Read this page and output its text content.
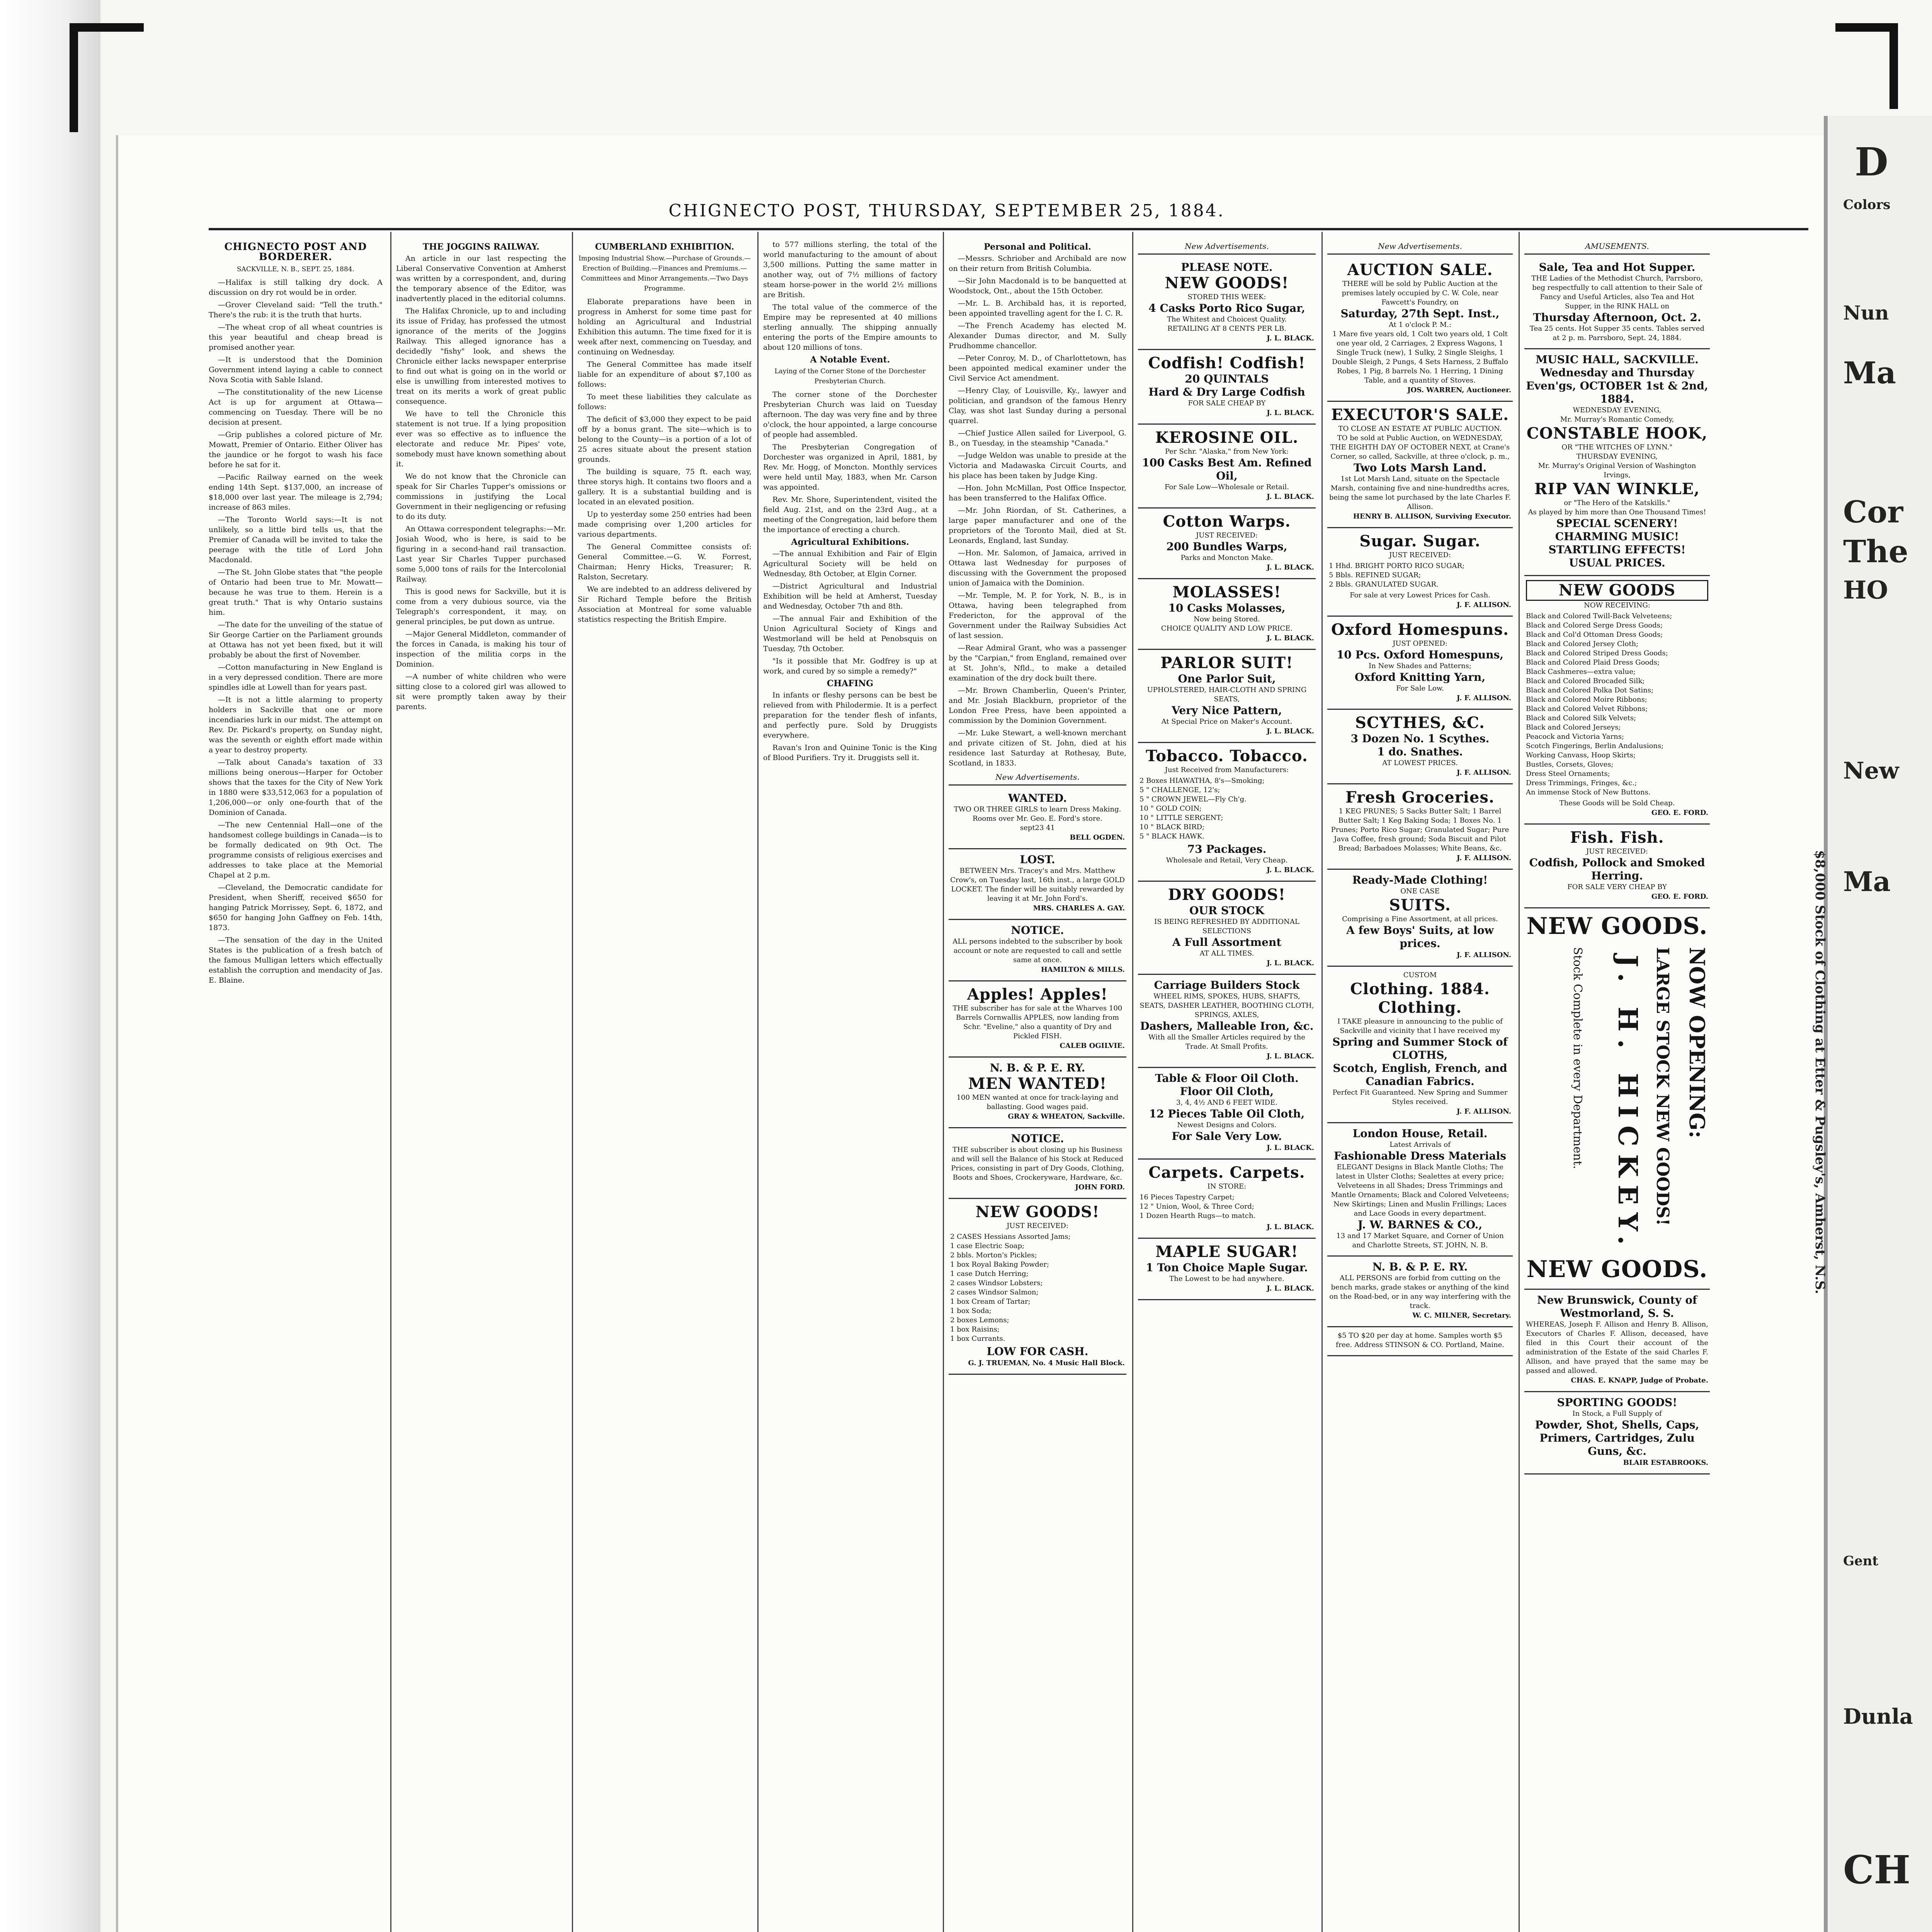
D
Colors
Nun
Ma
Cor
The
HO
New
Ma
Gent
Dunla
CH
$8,000 Stock of Clothing at Etter & Pugsley's, Amherst, N.S.
CHIGNECTO POST, THURSDAY, SEPTEMBER 25, 1884.
CHIGNECTO POST AND BORDERER.
SACKVILLE, N. B., SEPT. 25, 1884.

—Halifax is still talking dry dock. A discussion on dry rot would be in order.

—Grover Cleveland said: "Tell the truth." There's the rub: it is the truth that hurts.

—The wheat crop of all wheat countries is this year beautiful and cheap bread is promised another year.

—It is understood that the Dominion Government intend laying a cable to connect Nova Scotia with Sable Island.

—The constitutionality of the new License Act is up for argument at Ottawa—commencing on Tuesday. There will be no decision at present.

—Grip publishes a colored picture of Mr. Mowatt, Premier of Ontario. Either Oliver has the jaundice or he forgot to wash his face before he sat for it.

—Pacific Railway earned on the week ending 14th Sept. $137,000, an increase of $18,000 over last year. The mileage is 2,794; increase of 863 miles.

—The Toronto World says:—It is not unlikely, so a little bird tells us, that the Premier of Canada will be invited to take the peerage with the title of Lord John Macdonald.

—The St. John Globe states that "the people of Ontario had been true to Mr. Mowatt—because he was true to them. Herein is a great truth." That is why Ontario sustains him.

—The date for the unveiling of the statue of Sir George Cartier on the Parliament grounds at Ottawa has not yet been fixed, but it will probably be about the first of November.

—Cotton manufacturing in New England is in a very depressed condition. There are more spindles idle at Lowell than for years past.

—It is not a little alarming to property holders in Sackville that one or more incendiaries lurk in our midst. The attempt on Rev. Dr. Pickard's property, on Sunday night, was the seventh or eighth effort made within a year to destroy property.

—Talk about Canada's taxation of 33 millions being onerous—Harper for October shows that the taxes for the City of New York in 1880 were $33,512,063 for a population of 1,206,000—or only one-fourth that of the Dominion of Canada.

—The new Centennial Hall—one of the handsomest college buildings in Canada—is to be formally dedicated on 9th Oct. The programme consists of religious exercises and addresses to take place at the Memorial Chapel at 2 p.m.

—Cleveland, the Democratic candidate for President, when Sheriff, received $650 for hanging Patrick Morrissey, Sept. 6, 1872, and $650 for hanging John Gaffney on Feb. 14th, 1873.

—The sensation of the day in the United States is the publication of a fresh batch of the famous Mulligan letters which effectually establish the corruption and mendacity of Jas. E. Blaine.

THE JOGGINS RAILWAY.

An article in our last respecting the Liberal Conservative Convention at Amherst was written by a correspondent, and, during the temporary absence of the Editor, was inadvertently placed in the editorial columns.

The Halifax Chronicle, up to and including its issue of Friday, has professed the utmost ignorance of the merits of the Joggins Railway. This alleged ignorance has a decidedly "fishy" look, and shews the Chronicle either lacks newspaper enterprise to find out what is going on in the world or else is unwilling from interested motives to treat on its merits a work of great public consequence.

We have to tell the Chronicle this statement is not true. If a lying proposition ever was so effective as to influence the electorate and reduce Mr. Pipes' vote, somebody must have known something about it.

We do not know that the Chronicle can speak for Sir Charles Tupper's omissions or commissions in justifying the Local Government in their negligencing or refusing to do its duty.

An Ottawa correspondent telegraphs:—Mr. Josiah Wood, who is here, is said to be figuring in a second-hand rail transaction. Last year Sir Charles Tupper purchased some 5,000 tons of rails for the Intercolonial Railway.

This is good news for Sackville, but it is come from a very dubious source, via the Telegraph's correspondent, it may, on general principles, be put down as untrue.

—Major General Middleton, commander of the forces in Canada, is making his tour of inspection of the militia corps in the Dominion.

—A number of white children who were sitting close to a colored girl was allowed to sit were promptly taken away by their parents.

CUMBERLAND EXHIBITION.
Imposing Industrial Show.—Purchase of Grounds.—Erection of Building.—Finances and Premiums.—Committees and Minor Arrangements.—Two Days Programme.

Elaborate preparations have been in progress in Amherst for some time past for holding an Agricultural and Industrial Exhibition this autumn. The time fixed for it is week after next, commencing on Tuesday, and continuing on Wednesday.

The General Committee has made itself liable for an expenditure of about $7,100 as follows:

To meet these liabilities they calculate as follows:

The deficit of $3,000 they expect to be paid off by a bonus grant. The site—which is to belong to the County—is a portion of a lot of 25 acres situate about the present station grounds.

The building is square, 75 ft. each way, three storys high. It contains two floors and a gallery. It is a substantial building and is located in an elevated position.

Up to yesterday some 250 entries had been made comprising over 1,200 articles for various departments.

The General Committee consists of: General Committee.—G. W. Forrest, Chairman; Henry Hicks, Treasurer; R. Ralston, Secretary.

We are indebted to an address delivered by Sir Richard Temple before the British Association at Montreal for some valuable statistics respecting the British Empire.

to 577 millions sterling, the total of the world manufacturing to the amount of about 3,500 millions. Putting the same matter in another way, out of 7½ millions of factory steam horse-power in the world 2½ millions are British.

The total value of the commerce of the Empire may be represented at 40 millions sterling annually. The shipping annually entering the ports of the Empire amounts to about 120 millions of tons.

A Notable Event.
Laying of the Corner Stone of the Dorchester Presbyterian Church.

The corner stone of the Dorchester Presbyterian Church was laid on Tuesday afternoon. The day was very fine and by three o'clock, the hour appointed, a large concourse of people had assembled.

The Presbyterian Congregation of Dorchester was organized in April, 1881, by Rev. Mr. Hogg, of Moncton. Monthly services were held until May, 1883, when Mr. Carson was appointed.

Rev. Mr. Shore, Superintendent, visited the field Aug. 21st, and on the 23rd Aug., at a meeting of the Congregation, laid before them the importance of erecting a church.

Agricultural Exhibitions.

—The annual Exhibition and Fair of Elgin Agricultural Society will be held on Wednesday, 8th October, at Elgin Corner.

—District Agricultural and Industrial Exhibition will be held at Amherst, Tuesday and Wednesday, October 7th and 8th.

—The annual Fair and Exhibition of the Union Agricultural Society of Kings and Westmorland will be held at Penobsquis on Tuesday, 7th October.

"Is it possible that Mr. Godfrey is up at work, and cured by so simple a remedy?"

CHAFING

In infants or fleshy persons can be best be relieved from with Philodermie. It is a perfect preparation for the tender flesh of infants, and perfectly pure. Sold by Druggists everywhere.

Ravan's Iron and Quinine Tonic is the King of Blood Purifiers. Try it. Druggists sell it.

Personal and Political.

—Messrs. Schriober and Archibald are now on their return from British Columbia.

—Sir John Macdonald is to be banquetted at Woodstock, Ont., about the 15th October.

—Mr. L. B. Archibald has, it is reported, been appointed travelling agent for the I. C. R.

—The French Academy has elected M. Alexander Dumas director, and M. Sully Prudhomme chancellor.

—Peter Conroy, M. D., of Charlottetown, has been appointed medical examiner under the Civil Service Act amendment.

—Henry Clay, of Louisville, Ky., lawyer and politician, and grandson of the famous Henry Clay, was shot last Sunday during a personal quarrel.

—Chief Justice Allen sailed for Liverpool, G. B., on Tuesday, in the steamship "Canada."

—Judge Weldon was unable to preside at the Victoria and Madawaska Circuit Courts, and his place has been taken by Judge King.

—Hon. John McMillan, Post Office Inspector, has been transferred to the Halifax Office.

—Mr. John Riordan, of St. Catherines, a large paper manufacturer and one of the proprietors of the Toronto Mail, died at St. Leonards, England, last Sunday.

—Hon. Mr. Salomon, of Jamaica, arrived in Ottawa last Wednesday for purposes of discussing with the Government the proposed union of Jamaica with the Dominion.

—Mr. Temple, M. P. for York, N. B., is in Ottawa, having been telegraphed from Fredericton, for the approval of the Government under the Railway Subsidies Act of last session.

—Rear Admiral Grant, who was a passenger by the "Carpian," from England, remained over at St. John's, Nfld., to make a detailed examination of the dry dock built there.

—Mr. Brown Chamberlin, Queen's Printer, and Mr. Josiah Blackburn, proprietor of the London Free Press, have been appointed a commission by the Dominion Government.

—Mr. Luke Stewart, a well-known merchant and private citizen of St. John, died at his residence last Saturday at Rothesay, Bute, Scotland, in 1833.

New Advertisements.
WANTED.
TWO OR THREE GIRLS to learn Dress Making. Rooms over Mr. Geo. E. Ford's store.
sept23 41
BELL OGDEN.
LOST.
BETWEEN Mrs. Tracey's and Mrs. Matthew Crow's, on Tuesday last, 16th inst., a large GOLD LOCKET. The finder will be suitably rewarded by leaving it at Mr. John Ford's.
MRS. CHARLES A. GAY.
NOTICE.
ALL persons indebted to the subscriber by book account or note are requested to call and settle same at once.
HAMILTON & MILLS.
Apples! Apples!
THE subscriber has for sale at the Wharves 100 Barrels Cornwallis APPLES, now landing from Schr. "Eveline," also a quantity of Dry and Pickled FISH.
CALEB OGILVIE.
N. B. & P. E. RY.
MEN WANTED!
100 MEN wanted at once for track-laying and ballasting. Good wages paid.
GRAY & WHEATON, Sackville.
NOTICE.
THE subscriber is about closing up his Business and will sell the Balance of his Stock at Reduced Prices, consisting in part of Dry Goods, Clothing, Boots and Shoes, Crockeryware, Hardware, &c.
JOHN FORD.
NEW GOODS!
JUST RECEIVED:
2 CASES Hessians Assorted Jams;
1 case Electric Soap;
2 bbls. Morton's Pickles;
1 box Royal Baking Powder;
1 case Dutch Herring;
2 cases Windsor Lobsters;
2 cases Windsor Salmon;
1 box Cream of Tartar;
1 box Soda;
2 boxes Lemons;
1 box Raisins;
1 box Currants.
LOW FOR CASH.
G. J. TRUEMAN, No. 4 Music Hall Block.
New Advertisements.
PLEASE NOTE.
NEW GOODS!
STORED THIS WEEK:
4 Casks Porto Rico Sugar,
The Whitest and Choicest Quality.
RETAILING AT 8 CENTS PER LB.
J. L. BLACK.
Codfish! Codfish!
20 QUINTALS
Hard & Dry Large Codfish
FOR SALE CHEAP BY
J. L. BLACK.
KEROSINE OIL.
Per Schr. "Alaska," from New York:
100 Casks Best Am. Refined Oil,
For Sale Low—Wholesale or Retail.
J. L. BLACK.
Cotton Warps.
JUST RECEIVED:
200 Bundles Warps,
Parks and Moncton Make.
J. L. BLACK.
MOLASSES!
10 Casks Molasses,
Now being Stored.
CHOICE QUALITY AND LOW PRICE.
J. L. BLACK.
PARLOR SUIT!
One Parlor Suit,
UPHOLSTERED, HAIR-CLOTH AND SPRING SEATS,
Very Nice Pattern,
At Special Price on Maker's Account.
J. L. BLACK.
Tobacco. Tobacco.
Just Received from Manufacturers:
2 Boxes HIAWATHA, 8's—Smoking;
5 " CHALLENGE, 12's;
5 " CROWN JEWEL—Fly Ch'g.
10 " GOLD COIN;
10 " LITTLE SERGENT;
10 " BLACK BIRD;
5 " BLACK HAWK.
73 Packages.
Wholesale and Retail, Very Cheap.
J. L. BLACK.
DRY GOODS!
OUR STOCK
IS BEING REFRESHED BY ADDITIONAL SELECTIONS
A Full Assortment
AT ALL TIMES.
J. L. BLACK.
Carriage Builders Stock
WHEEL RIMS, SPOKES, HUBS, SHAFTS, SEATS, DASHER LEATHER, BOOTHING CLOTH, SPRINGS, AXLES,
Dashers, Malleable Iron, &c.
With all the Smaller Articles required by the Trade. At Small Profits.
J. L. BLACK.
Table & Floor Oil Cloth.
Floor Oil Cloth,
3, 4, 4½ AND 6 FEET WIDE.
12 Pieces Table Oil Cloth,
Newest Designs and Colors.
For Sale Very Low.
J. L. BLACK.
Carpets. Carpets.
IN STORE:
16 Pieces Tapestry Carpet;
12 " Union, Wool, & Three Cord;
1 Dozen Hearth Rugs—to match.
J. L. BLACK.
MAPLE SUGAR!
1 Ton Choice Maple Sugar.
The Lowest to be had anywhere.
J. L. BLACK.
New Advertisements.
AUCTION SALE.
THERE will be sold by Public Auction at the premises lately occupied by C. W. Cole, near Fawcett's Foundry, on
Saturday, 27th Sept. Inst.,
At 1 o'clock P. M.:
1 Mare five years old, 1 Colt two years old, 1 Colt one year old, 2 Carriages, 2 Express Wagons, 1 Single Truck (new), 1 Sulky, 2 Single Sleighs, 1 Double Sleigh, 2 Pungs, 4 Sets Harness, 2 Buffalo Robes, 1 Pig, 8 barrels No. 1 Herring, 1 Dining Table, and a quantity of Stoves.
JOS. WARREN, Auctioneer.
EXECUTOR'S SALE.
TO CLOSE AN ESTATE AT PUBLIC AUCTION.
TO be sold at Public Auction, on WEDNESDAY, THE EIGHTH DAY OF OCTOBER NEXT, at Crane's Corner, so called, Sackville, at three o'clock, p. m.,
Two Lots Marsh Land.
1st Lot Marsh Land, situate on the Spectacle Marsh, containing five and nine-hundredths acres, being the same lot purchased by the late Charles F. Allison.
HENRY B. ALLISON, Surviving Executor.
Sugar. Sugar.
JUST RECEIVED:
1 Hhd. BRIGHT PORTO RICO SUGAR;
5 Bbls. REFINED SUGAR;
2 Bbls. GRANULATED SUGAR.
For sale at very Lowest Prices for Cash.
J. F. ALLISON.
Oxford Homespuns.
JUST OPENED:
10 Pcs. Oxford Homespuns,
In New Shades and Patterns;
Oxford Knitting Yarn,
For Sale Low.
J. F. ALLISON.
SCYTHES, &C.
3 Dozen No. 1 Scythes.
1 do. Snathes.
AT LOWEST PRICES.
J. F. ALLISON.
Fresh Groceries.
1 KEG PRUNES; 5 Sacks Butter Salt; 1 Barrel Butter Salt; 1 Keg Baking Soda; 1 Boxes No. 1 Prunes; Porto Rico Sugar; Granulated Sugar; Pure Java Coffee, fresh ground; Soda Biscuit and Pilot Bread; Barbadoes Molasses; White Beans, &c.
J. F. ALLISON.
Ready-Made Clothing!
ONE CASE
SUITS.
Comprising a Fine Assortment, at all prices.
A few Boys' Suits, at low prices.
J. F. ALLISON.
CUSTOM
Clothing. 1884. Clothing.
I TAKE pleasure in announcing to the public of Sackville and vicinity that I have received my
Spring and Summer Stock of CLOTHS,
Scotch, English, French, and Canadian Fabrics.
Perfect Fit Guaranteed. New Spring and Summer Styles received.
J. F. ALLISON.
London House, Retail.
Latest Arrivals of
Fashionable Dress Materials
ELEGANT Designs in Black Mantle Cloths; The latest in Ulster Cloths; Sealettes at every price; Velveteens in all Shades; Dress Trimmings and Mantle Ornaments; Black and Colored Velveteens; New Skirtings; Linen and Muslin Frillings; Laces and Lace Goods in every department.
J. W. BARNES & CO.,
13 and 17 Market Square, and Corner of Union and Charlotte Streets, ST. JOHN, N. B.
N. B. & P. E. RY.
ALL PERSONS are forbid from cutting on the bench marks, grade stakes or anything of the kind on the Road-bed, or in any way interfering with the track.
W. C. MILNER, Secretary.
$5 TO $20 per day at home. Samples worth $5 free. Address STINSON & CO. Portland, Maine.
AMUSEMENTS.
Sale, Tea and Hot Supper.
THE Ladies of the Methodist Church, Parrsboro, beg respectfully to call attention to their Sale of Fancy and Useful Articles, also Tea and Hot Supper, in the RINK HALL on
Thursday Afternoon, Oct. 2.
Tea 25 cents. Hot Supper 35 cents. Tables served at 2 p. m. Parrsboro, Sept. 24, 1884.
MUSIC HALL, SACKVILLE.
Wednesday and Thursday Even'gs, OCTOBER 1st & 2nd, 1884.
WEDNESDAY EVENING,
Mr. Murray's Romantic Comedy,
CONSTABLE HOOK,
OR "THE WITCHES OF LYNN."
THURSDAY EVENING,
Mr. Murray's Original Version of Washington Irvings,
RIP VAN WINKLE,
or "The Hero of the Katskills."
As played by him more than One Thousand Times!
SPECIAL SCENERY! CHARMING MUSIC! STARTLING EFFECTS!
USUAL PRICES.
NEW GOODS
NOW RECEIVING:
Black and Colored Twill-Back Velveteens;
Black and Colored Serge Dress Goods;
Black and Col'd Ottoman Dress Goods;
Black and Colored Jersey Cloth;
Black and Colored Striped Dress Goods;
Black and Colored Plaid Dress Goods;
Black Cashmeres—extra value;
Black and Colored Brocaded Silk;
Black and Colored Polka Dot Satins;
Black and Colored Moire Ribbons;
Black and Colored Velvet Ribbons;
Black and Colored Silk Velvets;
Black and Colored Jerseys;
Peacock and Victoria Yarns;
Scotch Fingerings, Berlin Andalusions;
Working Canvass, Hoop Skirts;
Bustles, Corsets, Gloves;
Dress Steel Ornaments;
Dress Trimmings, Fringes, &c.;
An immense Stock of New Buttons.
These Goods will be Sold Cheap.
GEO. E. FORD.
Fish. Fish.
JUST RECEIVED:
Codfish, Pollock and Smoked Herring.
FOR SALE VERY CHEAP BY
GEO. E. FORD.
NEW GOODS.
NOW OPENING:
LARGE STOCK NEW GOODS!
J. H. HICKEY.
Stock Complete in every Department.
NEW GOODS.
New Brunswick, County of Westmorland, S. S.
WHEREAS, Joseph F. Allison and Henry B. Allison, Executors of Charles F. Allison, deceased, have filed in this Court their account of the administration of the Estate of the said Charles F. Allison, and have prayed that the same may be passed and allowed.
CHAS. E. KNAPP, Judge of Probate.
SPORTING GOODS!
In Stock, a Full Supply of
Powder, Shot, Shells, Caps, Primers, Cartridges, Zulu Guns, &c.
BLAIR ESTABROOKS.
